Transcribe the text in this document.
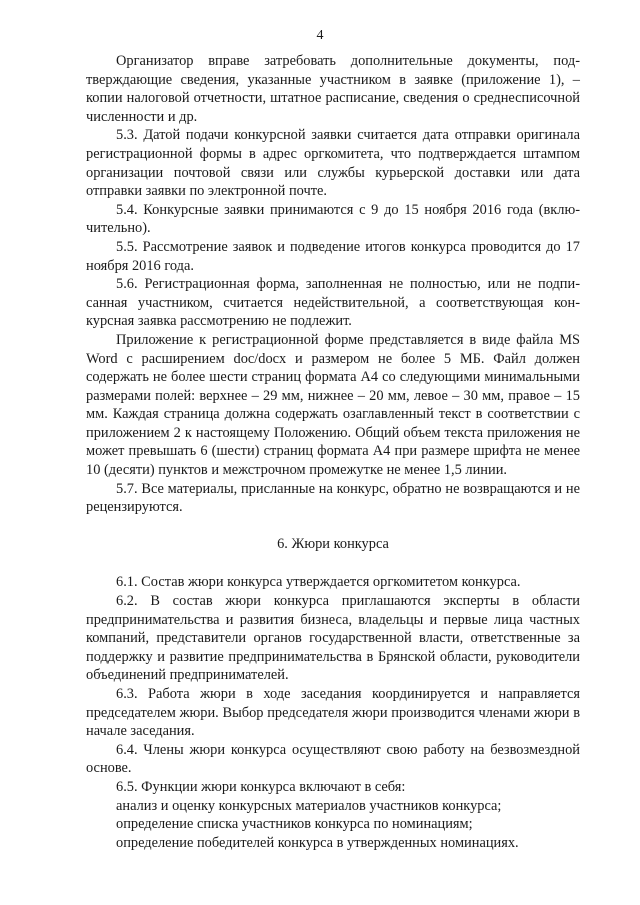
4

Организатор вправе затребовать дополнительные документы, подтверждающие сведения, указанные участником в заявке (приложение 1), – копии налоговой отчетности, штатное расписание, сведения о среднесписочной численности и др.

5.3. Датой подачи конкурсной заявки считается дата отправки оригинала регистрационной формы в адрес оргкомитета, что подтверждается штампом организации почтовой связи или службы курьерской доставки или дата отправки заявки по электронной почте.

5.4. Конкурсные заявки принимаются с 9 до 15 ноября 2016 года (включительно).

5.5. Рассмотрение заявок и подведение итогов конкурса проводится до 17 ноября 2016 года.

5.6. Регистрационная форма, заполненная не полностью, или не подписанная участником, считается недействительной, а соответствующая конкурсная заявка рассмотрению не подлежит.

Приложение к регистрационной форме представляется в виде файла MS Word с расширением doc/docx и размером не более 5 МБ. Файл должен содержать не более шести страниц формата А4 со следующими минимальными размерами полей: верхнее – 29 мм, нижнее – 20 мм, левое – 30 мм, правое – 15 мм. Каждая страница должна содержать озаглавленный текст в соответствии с приложением 2 к настоящему Положению. Общий объем текста приложения не может превышать 6 (шести) страниц формата А4 при размере шрифта не менее 10 (десяти) пунктов и межстрочном промежутке не менее 1,5 линии.

5.7. Все материалы, присланные на конкурс, обратно не возвращаются и не рецензируются.

6. Жюри конкурса

6.1. Состав жюри конкурса утверждается оргкомитетом конкурса.

6.2. В состав жюри конкурса приглашаются эксперты в области предпринимательства и развития бизнеса, владельцы и первые лица частных компаний, представители органов государственной власти, ответственные за поддержку и развитие предпринимательства в Брянской области, руководители объединений предпринимателей.

6.3. Работа жюри в ходе заседания координируется и направляется председателем жюри. Выбор председателя жюри производится членами жюри в начале заседания.

6.4. Члены жюри конкурса осуществляют свою работу на безвозмездной основе.

6.5. Функции жюри конкурса включают в себя:

анализ и оценку конкурсных материалов участников конкурса;

определение списка участников конкурса по номинациям;

определение победителей конкурса в утвержденных номинациях.
